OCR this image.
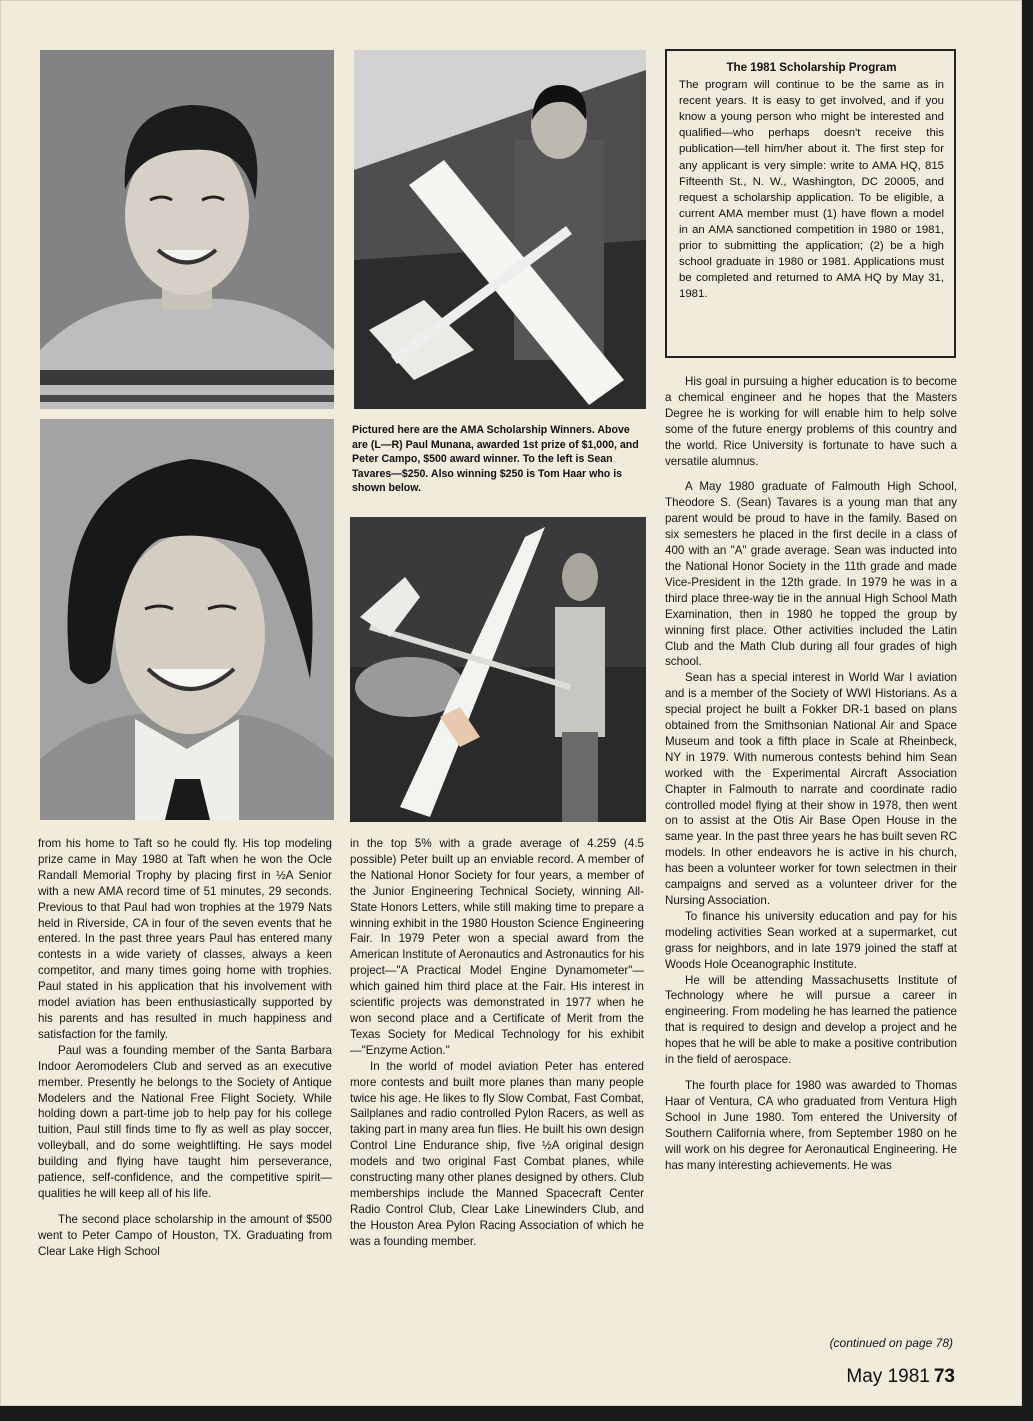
Pictured here are the AMA Scholarship Winners. Above are (L—R) Paul Munana, awarded 1st prize of $1,000, and Peter Campo, $500 award winner. To the left is Sean Tavares—$250. Also winning $250 is Tom Haar who is shown below.

The 1981 Scholarship Program

The program will continue to be the same as in recent years. It is easy to get involved, and if you know a young person who might be interested and qualified—who perhaps doesn't receive this publication—tell him/her about it. The first step for any applicant is very simple: write to AMA HQ, 815 Fifteenth St., N. W., Washington, DC 20005, and request a scholarship application. To be eligible, a current AMA member must (1) have flown a model in an AMA sanctioned competition in 1980 or 1981, prior to submitting the application; (2) be a high school graduate in 1980 or 1981. Applications must be completed and returned to AMA HQ by May 31, 1981.

from his home to Taft so he could fly. His top modeling prize came in May 1980 at Taft when he won the Ocle Randall Memorial Trophy by placing first in ½A Senior with a new AMA record time of 51 minutes, 29 seconds. Previous to that Paul had won trophies at the 1979 Nats held in Riverside, CA in four of the seven events that he entered. In the past three years Paul has entered many contests in a wide variety of classes, always a keen competitor, and many times going home with trophies. Paul stated in his application that his involvement with model aviation has been enthusiastically supported by his parents and has resulted in much happiness and satisfaction for the family.

Paul was a founding member of the Santa Barbara Indoor Aeromodelers Club and served as an executive member. Presently he belongs to the Society of Antique Modelers and the National Free Flight Society. While holding down a part-time job to help pay for his college tuition, Paul still finds time to fly as well as play soccer, volleyball, and do some weightlifting. He says model building and flying have taught him perseverance, patience, self-confidence, and the competitive spirit—qualities he will keep all of his life.

The second place scholarship in the amount of $500 went to Peter Campo of Houston, TX. Graduating from Clear Lake High School

in the top 5% with a grade average of 4.259 (4.5 possible) Peter built up an enviable record. A member of the National Honor Society for four years, a member of the Junior Engineering Technical Society, winning All-State Honors Letters, while still making time to prepare a winning exhibit in the 1980 Houston Science Engineering Fair. In 1979 Peter won a special award from the American Institute of Aeronautics and Astronautics for his project—"A Practical Model Engine Dynamometer"—which gained him third place at the Fair. His interest in scientific projects was demonstrated in 1977 when he won second place and a Certificate of Merit from the Texas Society for Medical Technology for his exhibit—"Enzyme Action."

In the world of model aviation Peter has entered more contests and built more planes than many people twice his age. He likes to fly Slow Combat, Fast Combat, Sailplanes and radio controlled Pylon Racers, as well as taking part in many area fun flies. He built his own design Control Line Endurance ship, five ½A original design models and two original Fast Combat planes, while constructing many other planes designed by others. Club memberships include the Manned Spacecraft Center Radio Control Club, Clear Lake Linewinders Club, and the Houston Area Pylon Racing Association of which he was a founding member.

His goal in pursuing a higher education is to become a chemical engineer and he hopes that the Masters Degree he is working for will enable him to help solve some of the future energy problems of this country and the world. Rice University is fortunate to have such a versatile alumnus.

A May 1980 graduate of Falmouth High School, Theodore S. (Sean) Tavares is a young man that any parent would be proud to have in the family. Based on six semesters he placed in the first decile in a class of 400 with an "A" grade average. Sean was inducted into the National Honor Society in the 11th grade and made Vice-President in the 12th grade. In 1979 he was in a third place three-way tie in the annual High School Math Examination, then in 1980 he topped the group by winning first place. Other activities included the Latin Club and the Math Club during all four grades of high school.

Sean has a special interest in World War I aviation and is a member of the Society of WWI Historians. As a special project he built a Fokker DR-1 based on plans obtained from the Smithsonian National Air and Space Museum and took a fifth place in Scale at Rheinbeck, NY in 1979. With numerous contests behind him Sean worked with the Experimental Aircraft Association Chapter in Falmouth to narrate and coordinate radio controlled model flying at their show in 1978, then went on to assist at the Otis Air Base Open House in the same year. In the past three years he has built seven RC models. In other endeavors he is active in his church, has been a volunteer worker for town selectmen in their campaigns and served as a volunteer driver for the Nursing Association.

To finance his university education and pay for his modeling activities Sean worked at a supermarket, cut grass for neighbors, and in late 1979 joined the staff at Woods Hole Oceanographic Institute.

He will be attending Massachusetts Institute of Technology where he will pursue a career in engineering. From modeling he has learned the patience that is required to design and develop a project and he hopes that he will be able to make a positive contribution in the field of aerospace.

The fourth place for 1980 was awarded to Thomas Haar of Ventura, CA who graduated from Ventura High School in June 1980. Tom entered the University of Southern California where, from September 1980 on he will work on his degree for Aeronautical Engineering. He has many interesting achievements. He was

(continued on page 78)
May 1981 73
